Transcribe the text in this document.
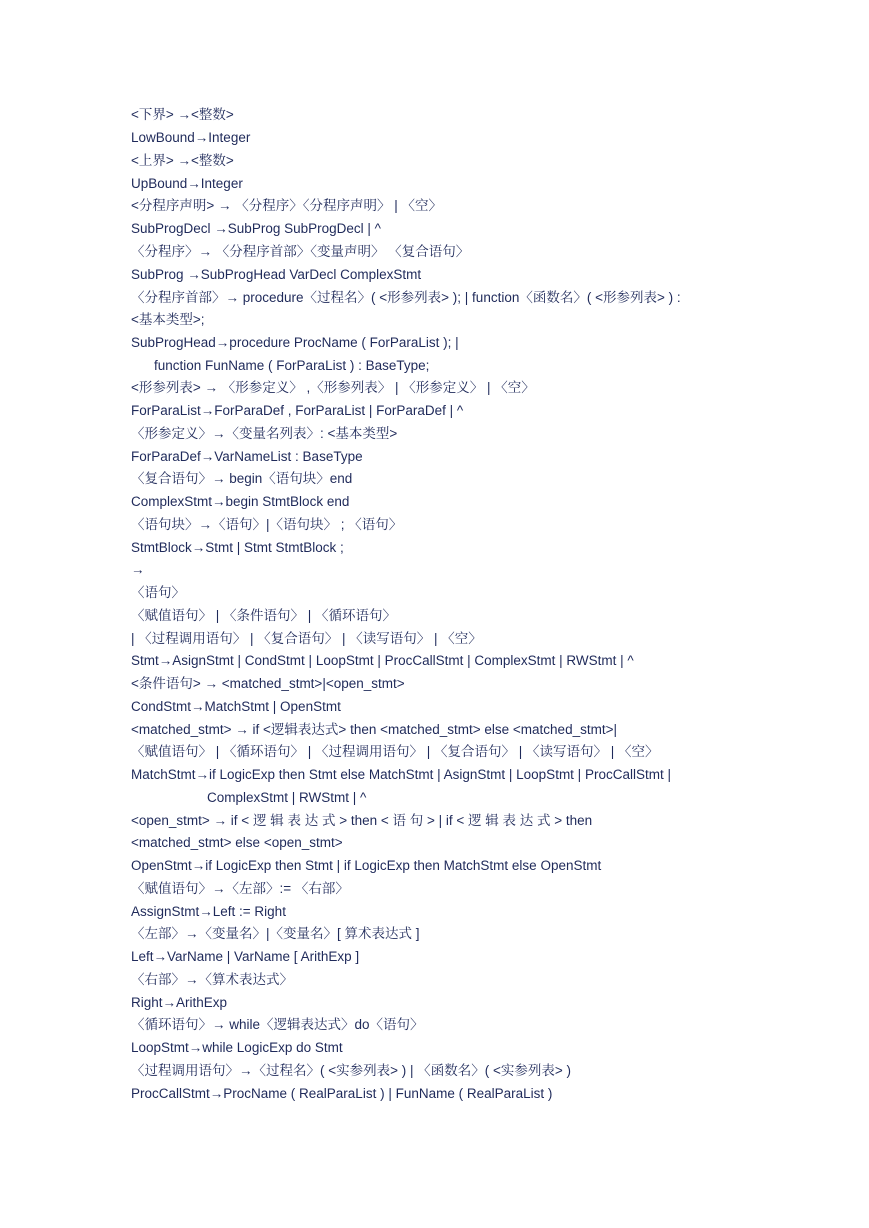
<下界> →<整数>
LowBound→Integer
<上界> →<整数>
UpBound→Integer
<分程序声明> → 〈分程序〉〈分程序声明〉 | 〈空〉
SubProgDecl →SubProg SubProgDecl | ^
〈分程序〉→ 〈分程序首部〉〈变量声明〉 〈复合语句〉
SubProg →SubProgHead VarDecl ComplexStmt
〈分程序首部〉→ procedure〈过程名〉( <形参列表> ); | function〈函数名〉( <形参列表> ) :
<基本类型>;
SubProgHead→procedure ProcName ( ForParaList ); |
function FunName ( ForParaList ) : BaseType;
<形参列表> → 〈形参定义〉 ,〈形参列表〉 | 〈形参定义〉 | 〈空〉
ForParaList→ForParaDef , ForParaList | ForParaDef | ^
〈形参定义〉→〈变量名列表〉: <基本类型>
ForParaDef→VarNameList : BaseType
〈复合语句〉→ begin〈语句块〉end
ComplexStmt→begin StmtBlock end
〈语句块〉→〈语句〉|〈语句块〉 ; 〈语句〉
StmtBlock→Stmt | Stmt StmtBlock ;
→
〈语句〉
〈赋值语句〉 | 〈条件语句〉 | 〈循环语句〉
| 〈过程调用语句〉 | 〈复合语句〉 | 〈读写语句〉 | 〈空〉
Stmt→AsignStmt | CondStmt | LoopStmt | ProcCallStmt | ComplexStmt | RWStmt | ^
<条件语句> → <matched_stmt>|<open_stmt>
CondStmt→MatchStmt | OpenStmt
<matched_stmt> → if <逻辑表达式> then <matched_stmt> else <matched_stmt>|
〈赋值语句〉 | 〈循环语句〉 | 〈过程调用语句〉 | 〈复合语句〉 | 〈读写语句〉 | 〈空〉
MatchStmt→if LogicExp then Stmt else MatchStmt | AsignStmt | LoopStmt | ProcCallStmt |
ComplexStmt | RWStmt | ^
<open_stmt> → if < 逻 辑 表 达 式 > then < 语 句 > | if < 逻 辑 表 达 式 > then
<matched_stmt> else <open_stmt>
OpenStmt→if LogicExp then Stmt | if LogicExp then MatchStmt else OpenStmt
〈赋值语句〉→〈左部〉:= 〈右部〉
AssignStmt→Left := Right
〈左部〉→〈变量名〉|〈变量名〉[ 算术表达式 ]
Left→VarName | VarName [ ArithExp ]
〈右部〉→〈算术表达式〉
Right→ArithExp
〈循环语句〉→ while〈逻辑表达式〉do〈语句〉
LoopStmt→while LogicExp do Stmt
〈过程调用语句〉→〈过程名〉( <实参列表> ) | 〈函数名〉( <实参列表> )
ProcCallStmt→ProcName ( RealParaList ) | FunName ( RealParaList )
